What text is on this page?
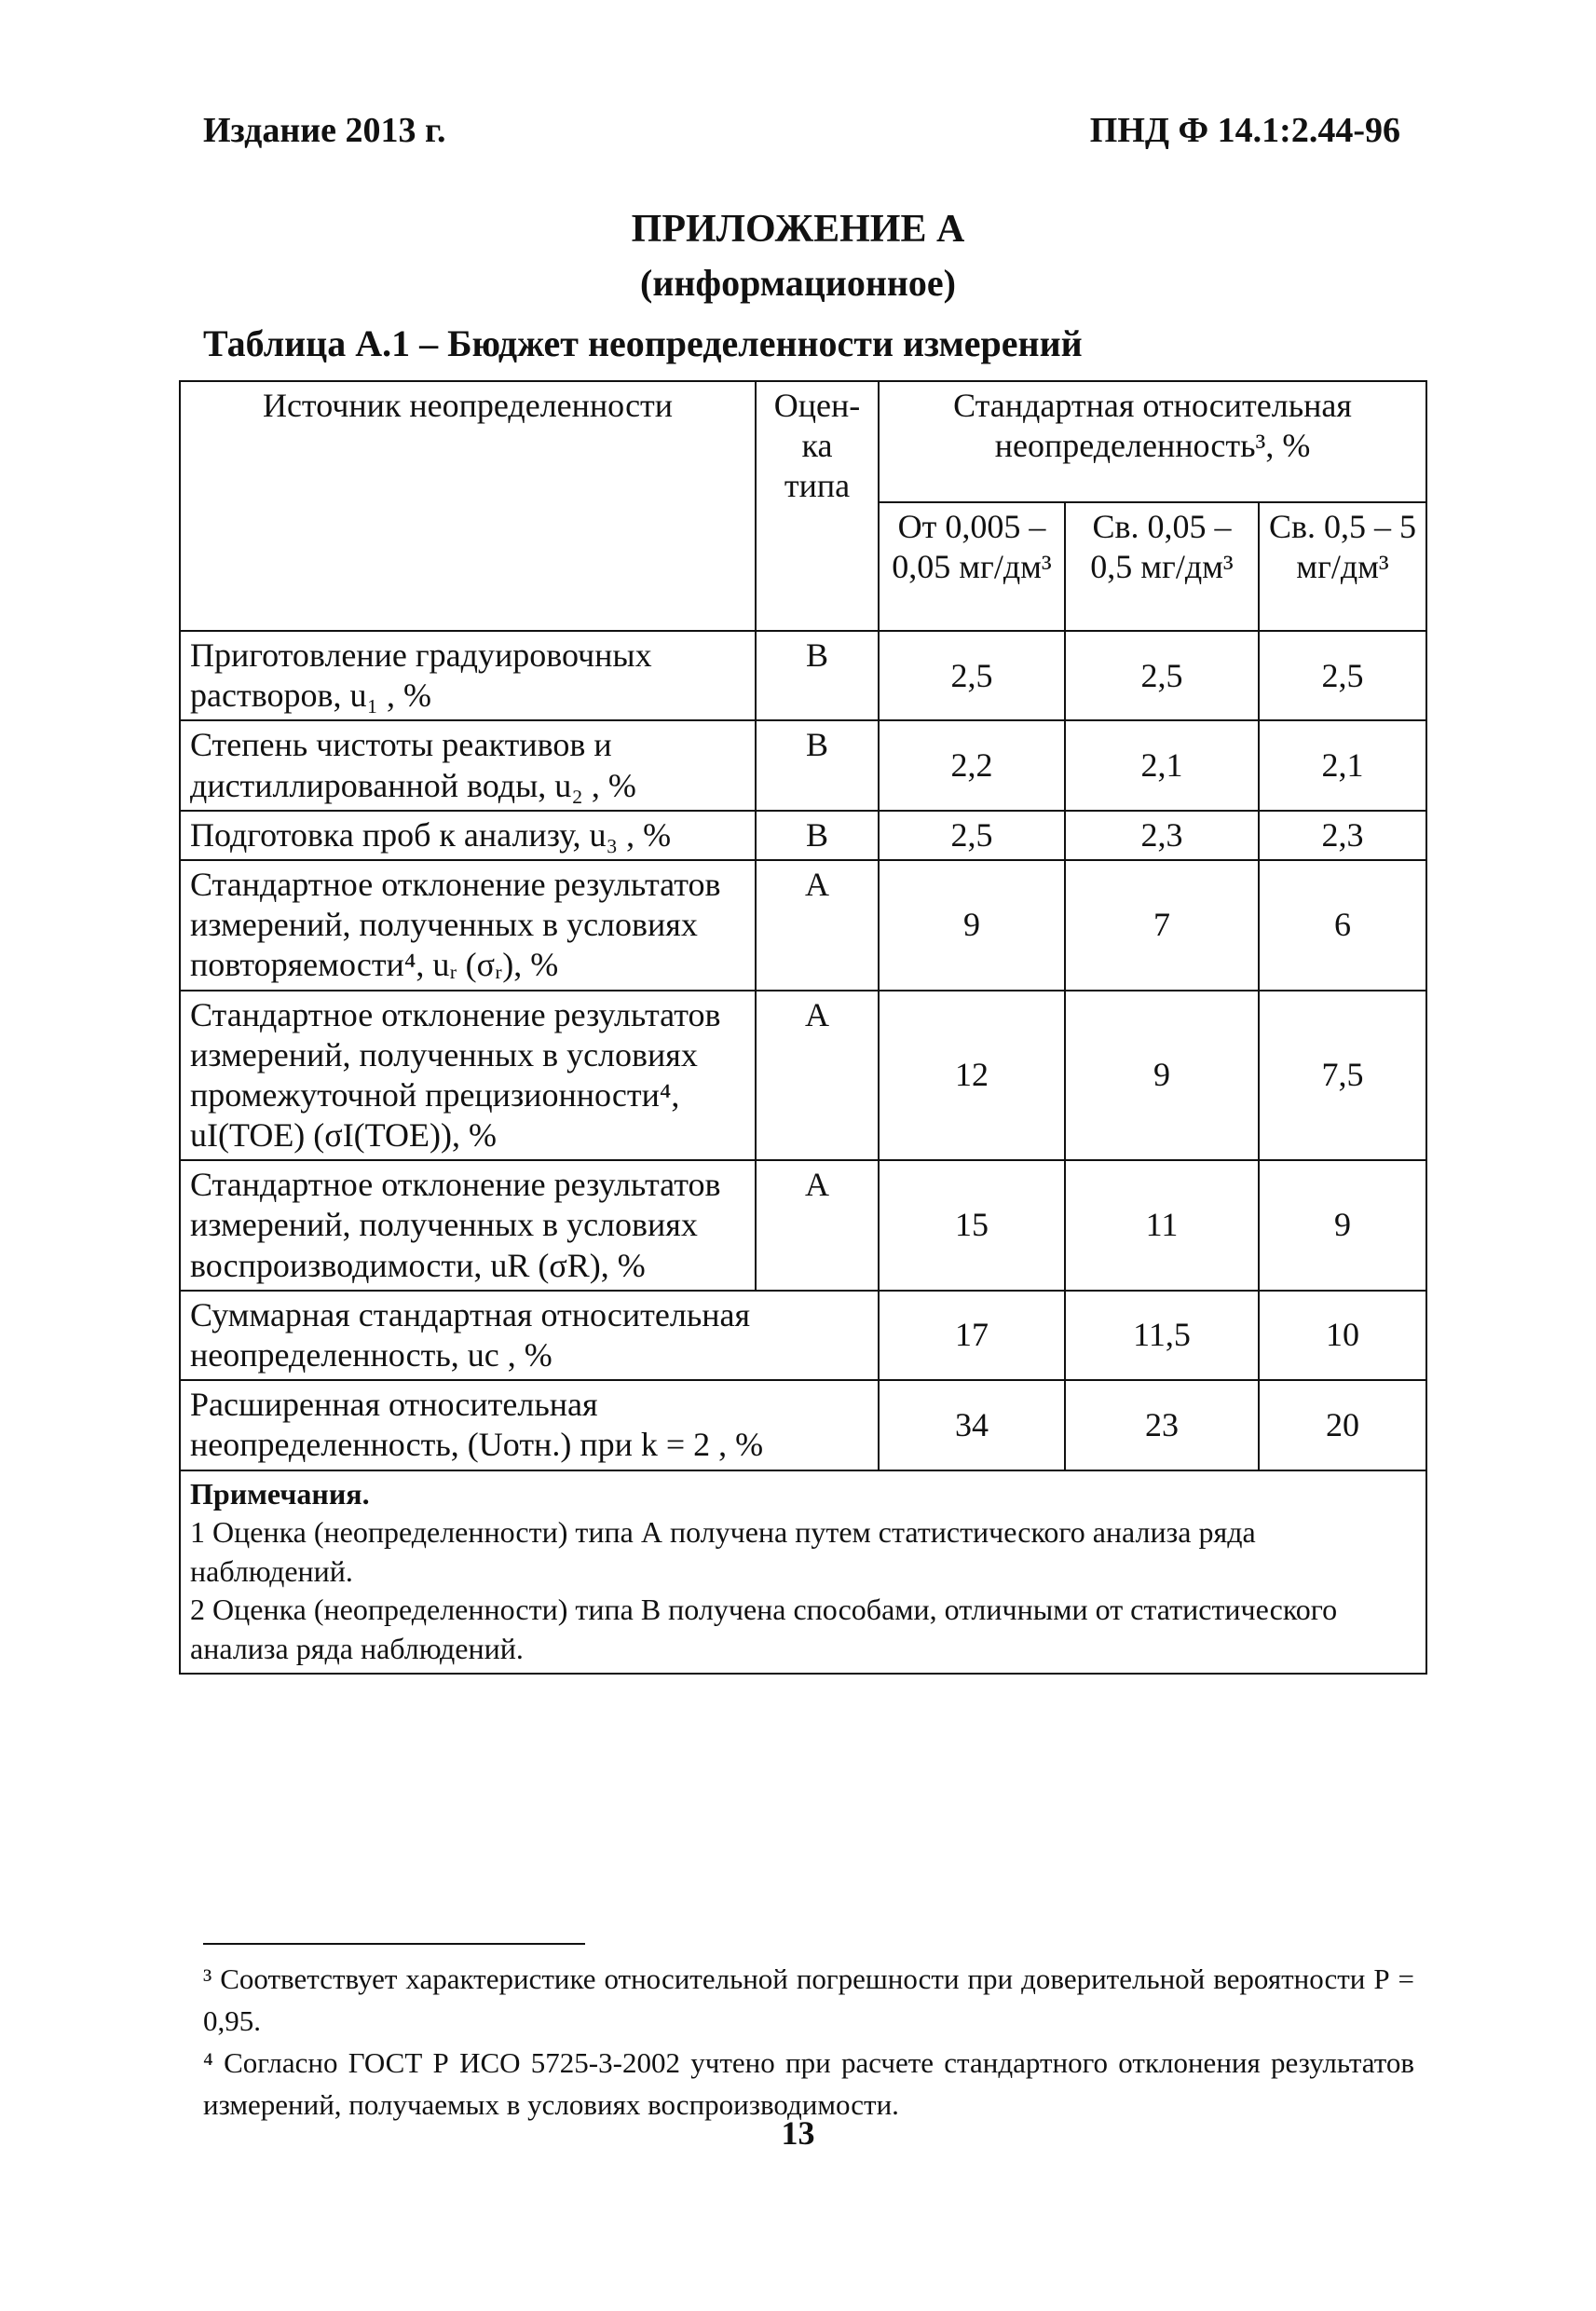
Издание 2013 г.	ПНД Ф 14.1:2.44-96
ПРИЛОЖЕНИЕ А
(информационное)
Таблица А.1 – Бюджет неопределенности измерений
Источник неопределенности	Оцен-ка типа	Стандартная относительная неопределенность³, %		
		От 0,005 – 0,05 мг/дм³	Св. 0,05 – 0,5 мг/дм³	Св. 0,5 – 5 мг/дм³
Приготовление градуировочных растворов, u₁ , %	В	2,5	2,5	2,5
Степень чистоты реактивов и дистиллированной воды, u₂ , %	В	2,2	2,1	2,1
Подготовка проб к анализу, u₃ , %	В	2,5	2,3	2,3
Стандартное отклонение результатов измерений, полученных в условиях повторяемости⁴, uᵣ (σᵣ), %	А	9	7	6
Стандартное отклонение результатов измерений, полученных в условиях промежуточной прецизионности⁴, uI(TOE) (σI(TOE)), %	А	12	9	7,5
Стандартное отклонение результатов измерений, полученных в условиях воспроизводимости, uR (σR), %	А	15	11	9
Суммарная стандартная относительная неопределенность, uc , %		17	11,5	10
Расширенная относительная неопределенность, (Uотн.) при k = 2 , %		34	23	20

Примечания.
1 Оценка (неопределенности) типа А получена путем статистического анализа ряда наблюдений.
2 Оценка (неопределенности) типа В получена способами, отличными от статистического анализа ряда наблюдений.				
³ Соответствует характеристике относительной погрешности при доверительной вероятности Р = 0,95.
⁴ Согласно ГОСТ Р ИСО 5725-3-2002 учтено при расчете стандартного отклонения результатов измерений, получаемых в условиях воспроизводимости.
13
